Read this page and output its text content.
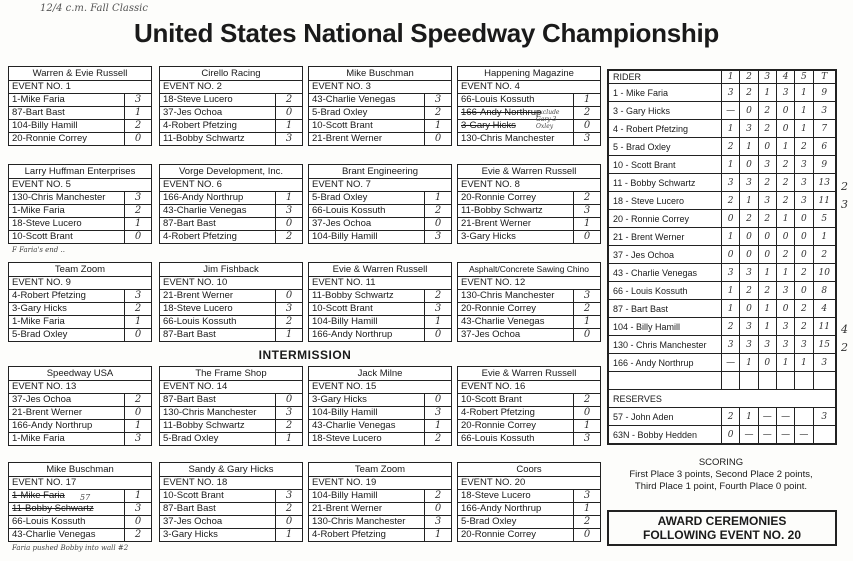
12/4 c.m. Fall Classic
United States National Speedway Championship
Warren & Evie Russell
EVENT NO. 1
1-Mike Faria	3
87-Bart Bast	1
104-Billy Hamill	2
20-Ronnie Correy	0
Cirello Racing
EVENT NO. 2
18-Steve Lucero	2
37-Jes Ochoa	0
4-Robert Pfetzing	1
11-Bobby Schwartz	3
Mike Buschman
EVENT NO. 3
43-Charlie Venegas	3
5-Brad Oxley	2
10-Scott Brant	1
21-Brent Werner	0
Happening Magazine
EVENT NO. 4
66-Louis Kossuth	1
166-Andy Northrup	2
3-Gary Hicks	0
130-Chris Manchester	3
Larry Huffman Enterprises
EVENT NO. 5
130-Chris Manchester	3
1-Mike Faria	2
18-Steve Lucero	1
10-Scott Brant	0
Vorge Development, Inc.
EVENT NO. 6
166-Andy Northrup	1
43-Charlie Venegas	3
87-Bart Bast	0
4-Robert Pfetzing	2
Brant Engineering
EVENT NO. 7
5-Brad Oxley	1
66-Louis Kossuth	2
37-Jes Ochoa	0
104-Billy Hamill	3
Evie & Warren Russell
EVENT NO. 8
20-Ronnie Correy	2
11-Bobby Schwartz	3
21-Brent Werner	1
3-Gary Hicks	0
Team Zoom
EVENT NO. 9
4-Robert Pfetzing	3
3-Gary Hicks	2
1-Mike Faria	1
5-Brad Oxley	0
Jim Fishback
EVENT NO. 10
21-Brent Werner	0
18-Steve Lucero	3
66-Louis Kossuth	2
87-Bart Bast	1
Evie & Warren Russell
EVENT NO. 11
11-Bobby Schwartz	2
10-Scott Brant	3
104-Billy Hamill	1
166-Andy Northrup	0
Asphalt/Concrete Sawing Chino
EVENT NO. 12
130-Chris Manchester	3
20-Ronnie Correy	2
43-Charlie Venegas	1
37-Jes Ochoa	0
Speedway USA
EVENT NO. 13
37-Jes Ochoa	2
21-Brent Werner	0
166-Andy Northrup	1
1-Mike Faria	3
The Frame Shop
EVENT NO. 14
87-Bart Bast	0
130-Chris Manchester	3
11-Bobby Schwartz	2
5-Brad Oxley	1
Jack Milne
EVENT NO. 15
3-Gary Hicks	0
104-Billy Hamill	3
43-Charlie Venegas	1
18-Steve Lucero	2
Evie & Warren Russell
EVENT NO. 16
10-Scott Brant	2
4-Robert Pfetzing	0
20-Ronnie Correy	1
66-Louis Kossuth	3
Mike Buschman
EVENT NO. 17
1-Mike Faria	1
11-Bobby Schwartz	3
66-Louis Kossuth	0
43-Charlie Venegas	2
Sandy & Gary Hicks
EVENT NO. 18
10-Scott Brant	3
87-Bart Bast	2
37-Jes Ochoa	0
3-Gary Hicks	1
Team Zoom
EVENT NO. 19
104-Billy Hamill	2
21-Brent Werner	0
130-Chris Manchester	3
4-Robert Pfetzing	1
Coors
EVENT NO. 20
18-Steve Lucero	3
166-Andy Northrup	1
5-Brad Oxley	2
20-Ronnie Correy	0
INTERMISSION
F Faria's end ..
Faria pushed Bobby into wall #2
57
exclude Gary 3 Oxley
RIDER	1	2	3	4	5	T
1 - Mike Faria	3	2	1	3	1	9
3 - Gary Hicks	—	0	2	0	1	3
4 - Robert Pfetzing	1	3	2	0	1	7
5 - Brad Oxley	2	1	0	1	2	6
10 - Scott Brant	1	0	3	2	3	9
11 - Bobby Schwartz	3	3	2	2	3	13
18 - Steve Lucero	2	1	3	2	3	11
20 - Ronnie Correy	0	2	2	1	0	5
21 - Brent Werner	1	0	0	0	0	1
37 - Jes Ochoa	0	0	0	2	0	2
43 - Charlie Venegas	3	3	1	1	2	10
66 - Louis Kossuth	1	2	2	3	0	8
87 - Bart Bast	1	0	1	0	2	4
104 - Billy Hamill	2	3	1	3	2	11
130 - Chris Manchester	3	3	3	3	3	15
166 - Andy Northrup	—	1	0	1	1	3

RESERVES						
57 - John Aden	2	1	—	—		3
63N - Bobby Hedden	0	—	—	—	—	
2
3
4
2
SCORING
First Place 3 points, Second Place 2 points,
Third Place 1 point, Fourth Place 0 point.
AWARD CEREMONIES
FOLLOWING EVENT NO. 20
